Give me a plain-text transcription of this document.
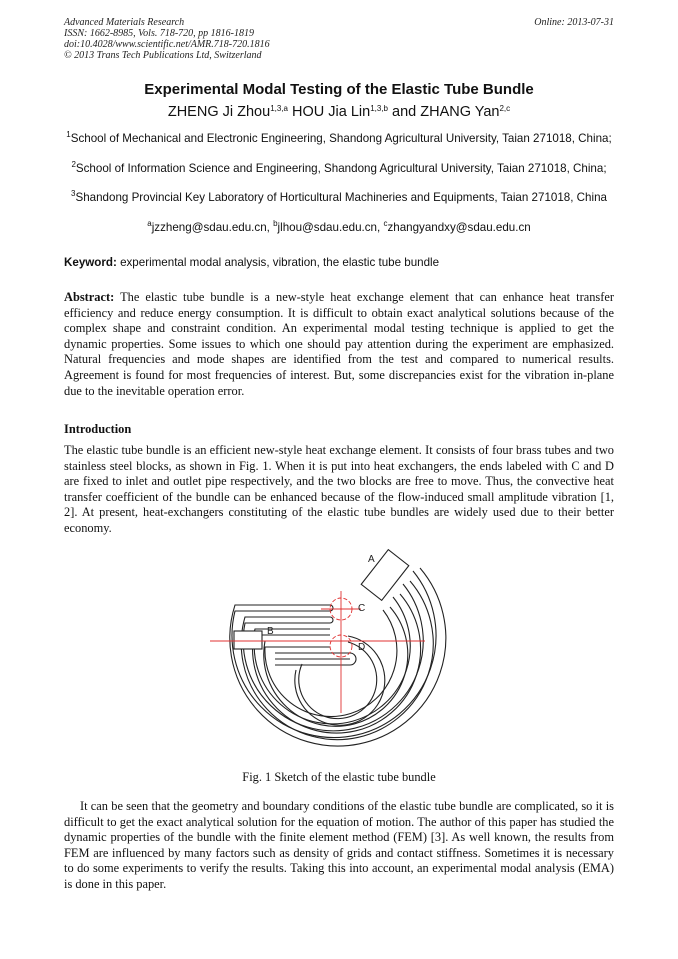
Advanced Materials Research
ISSN: 1662-8985, Vols. 718-720, pp 1816-1819
doi:10.4028/www.scientific.net/AMR.718-720.1816
© 2013 Trans Tech Publications Ltd, Switzerland
Online: 2013-07-31
Experimental Modal Testing of the Elastic Tube Bundle
ZHENG Ji Zhou$^{1,3,a}$ HOU Jia Lin$^{1,3,b}$ and ZHANG Yan$^{2,c}$
$^1$School of Mechanical and Electronic Engineering, Shandong Agricultural University, Taian 271018, China;
$^2$School of Information Science and Engineering, Shandong Agricultural University, Taian 271018, China;
$^3$Shandong Provincial Key Laboratory of Horticultural Machineries and Equipments, Taian 271018, China
$^a$jzzheng@sdau.edu.cn, $^b$jlhou@sdau.edu.cn, $^c$zhangyandxy@sdau.edu.cn
Keyword: experimental modal analysis, vibration, the elastic tube bundle
Abstract: The elastic tube bundle is a new-style heat exchange element that can enhance heat transfer efficiency and reduce energy consumption. It is difficult to obtain exact analytical solutions because of the complex shape and constraint condition. An experimental modal testing technique is applied to get the dynamic properties. Some issues to which one should pay attention during the experiment are emphasized. Natural frequencies and mode shapes are identified from the test and compared to numerical results. Agreement is found for most frequencies of interest. But, some discrepancies exist for the vibration in-plane due to the inevitable operation error.
Introduction
The elastic tube bundle is an efficient new-style heat exchange element. It consists of four brass tubes and two stainless steel blocks, as shown in Fig. 1. When it is put into heat exchangers, the ends labeled with C and D are fixed to inlet and outlet pipe respectively, and the two blocks are free to move. Thus, the convective heat transfer coefficient of the bundle can be enhanced because of the flow-induced small amplitude vibration [1, 2]. At present, heat-exchangers constituting of the elastic tube bundles are widely used due to their better economy.
A
B
C
D
Fig. 1 Sketch of the elastic tube bundle
It can be seen that the geometry and boundary conditions of the elastic tube bundle are complicated, so it is difficult to get the exact analytical solution for the equation of motion. The author of this paper has studied the dynamic properties of the bundle with the finite element method (FEM) [3]. As well known, the results from FEM are influenced by many factors such as density of grids and contact stiffness. Sometimes it is necessary to do some experiments to verify the results. Taking this into account, an experimental modal analysis (EMA) is done in this paper.
